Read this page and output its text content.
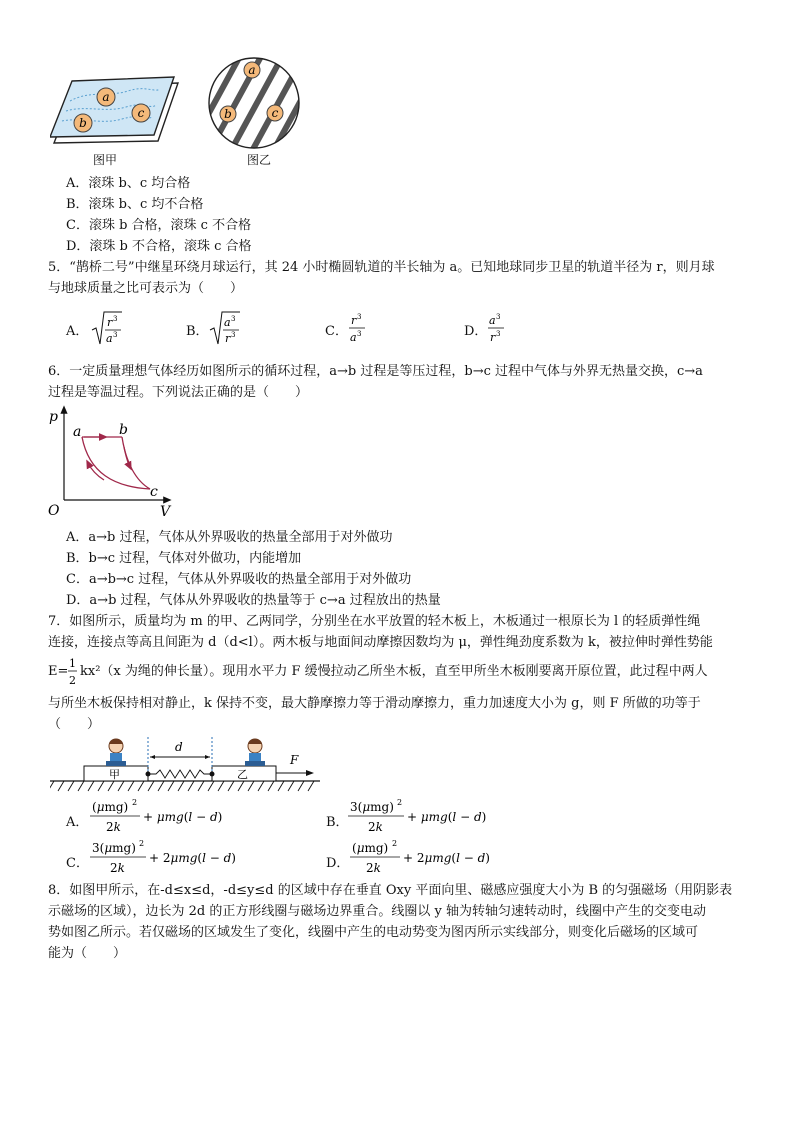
a
b
c
图甲
a
b	c
图乙
A．滚珠 b、c 均合格
B．滚珠 b、c 均不合格
C．滚珠 b 合格，滚珠 c 不合格
D．滚珠 b 不合格，滚珠 c 合格
5．“鹊桥二号”中继星环绕月球运行，其 24 小时椭圆轨道的半长轴为 a。已知地球同步卫星的轨道半径为 r，则月球
与地球质量之比可表示为（　　）
A．
r 3
a 3	B．
a 3
r 3	C．
r 3
a 3	D．
a 3
r 3
6．一定质量理想气体经历如图所示的循环过程，a→b 过程是等压过程，b→c 过程中气体与外界无热量交换，c→a
过程是等温过程。下列说法正确的是（　　）
p
V
O
a	b
c
A．a→b 过程，气体从外界吸收的热量全部用于对外做功
B．b→c 过程，气体对外做功，内能增加
C．a→b→c 过程，气体从外界吸收的热量全部用于对外做功
D．a→b 过程，气体从外界吸收的热量等于 c→a 过程放出的热量
7．如图所示，质量均为 m 的甲、乙两同学，分别坐在水平放置的轻木板上，木板通过一根原长为 l 的轻质弹性绳
连接，连接点等高且间距为 d（d<l）。两木板与地面间动摩擦因数均为 μ，弹性绳劲度系数为 k，被拉伸时弹性势能
E=
1
2
kx²（x 为绳的伸长量）。现用水平力 F 缓慢拉动乙所坐木板，直至甲所坐木板刚要离开原位置，此过程中两人
与所坐木板保持相对静止，k 保持不变，最大静摩擦力等于滑动摩擦力，重力加速度大小为 g，则 F 所做的功等于
（　　）
甲	乙
d
F
A．
(μmg) 2
2k
+ μmg(l − d)	B．
3(μmg) 2
2k
+ μmg(l − d)
C．
3(μmg) 2
2k
+ 2μmg(l − d)	D．
(μmg) 2
2k
+ 2μmg(l − d)
8．如图甲所示，在-d≤x≤d，-d≤y≤d 的区域中存在垂直 Oxy 平面向里、磁感应强度大小为 B 的匀强磁场（用阴影表
示磁场的区域），边长为 2d 的正方形线圈与磁场边界重合。线圈以 y 轴为转轴匀速转动时，线圈中产生的交变电动
势如图乙所示。若仅磁场的区域发生了变化，线圈中产生的电动势变为图丙所示实线部分，则变化后磁场的区域可
能为（　　）
